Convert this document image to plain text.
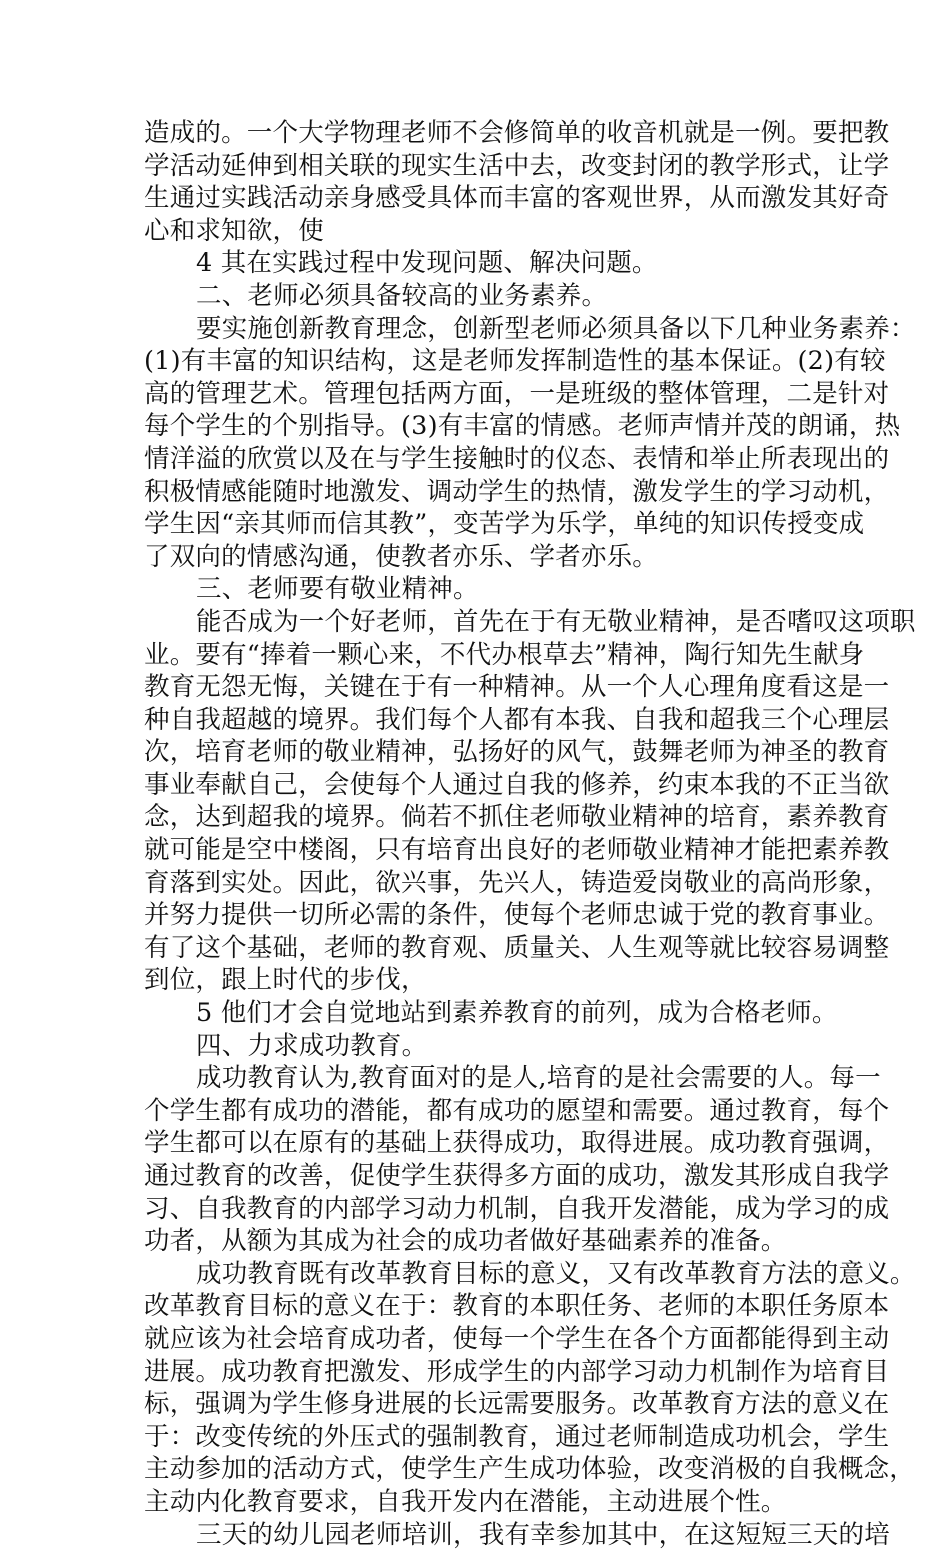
造成的。一个大学物理老师不会修简单的收音机就是一例。要把教
学活动延伸到相关联的现实生活中去，改变封闭的教学形式，让学
生通过实践活动亲身感受具体而丰富的客观世界，从而激发其好奇
心和求知欲，使
4 其在实践过程中发现问题、解决问题。
二、老师必须具备较高的业务素养。
要实施创新教育理念，创新型老师必须具备以下几种业务素养：
(1)有丰富的知识结构，这是老师发挥制造性的基本保证。(2)有较
高的管理艺术。管理包括两方面，一是班级的整体管理，二是针对
每个学生的个别指导。(3)有丰富的情感。老师声情并茂的朗诵，热
情洋溢的欣赏以及在与学生接触时的仪态、表情和举止所表现出的
积极情感能随时地激发、调动学生的热情，激发学生的学习动机，
学生因“亲其师而信其教”，变苦学为乐学，单纯的知识传授变成
了双向的情感沟通，使教者亦乐、学者亦乐。
三、老师要有敬业精神。
能否成为一个好老师，首先在于有无敬业精神，是否嗜叹这项职
业。要有“捧着一颗心来，不代办根草去”精神，陶行知先生献身
教育无怨无悔，关键在于有一种精神。从一个人心理角度看这是一
种自我超越的境界。我们每个人都有本我、自我和超我三个心理层
次，培育老师的敬业精神，弘扬好的风气，鼓舞老师为神圣的教育
事业奉献自己，会使每个人通过自我的修养，约束本我的不正当欲
念，达到超我的境界。倘若不抓住老师敬业精神的培育，素养教育
就可能是空中楼阁，只有培育出良好的老师敬业精神才能把素养教
育落到实处。因此，欲兴事，先兴人，铸造爱岗敬业的高尚形象，
并努力提供一切所必需的条件，使每个老师忠诚于党的教育事业。
有了这个基础，老师的教育观、质量关、人生观等就比较容易调整
到位，跟上时代的步伐，
5 他们才会自觉地站到素养教育的前列，成为合格老师。
四、力求成功教育。
成功教育认为,教育面对的是人,培育的是社会需要的人。每一
个学生都有成功的潜能，都有成功的愿望和需要。通过教育，每个
学生都可以在原有的基础上获得成功，取得进展。成功教育强调，
通过教育的改善，促使学生获得多方面的成功，激发其形成自我学
习、自我教育的内部学习动力机制，自我开发潜能，成为学习的成
功者，从额为其成为社会的成功者做好基础素养的准备。
成功教育既有改革教育目标的意义，又有改革教育方法的意义。
改革教育目标的意义在于：教育的本职任务、老师的本职任务原本
就应该为社会培育成功者，使每一个学生在各个方面都能得到主动
进展。成功教育把激发、形成学生的内部学习动力机制作为培育目
标，强调为学生修身进展的长远需要服务。改革教育方法的意义在
于：改变传统的外压式的强制教育，通过老师制造成功机会，学生
主动参加的活动方式，使学生产生成功体验，改变消极的自我概念，
主动内化教育要求，自我开发内在潜能，主动进展个性。
三天的幼儿园老师培训，我有幸参加其中，在这短短三天的培
